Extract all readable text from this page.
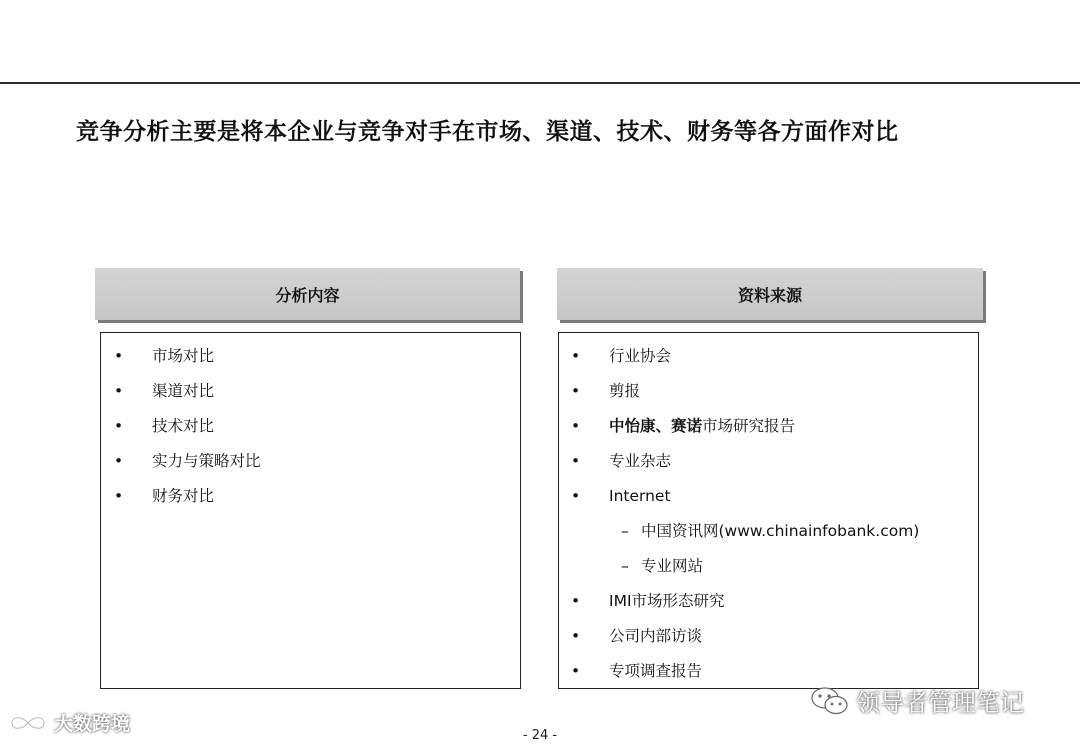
竞争分析主要是将本企业与竞争对手在市场、渠道、技术、财务等各方面作对比
分析内容
•	市场对比
•	渠道对比
•	技术对比
•	实力与策略对比
•	财务对比
资料来源
•	行业协会
•	剪报
•	中怡康、赛诺市场研究报告
•	专业杂志
•	Internet
– 中国资讯网(www.chinainfobank.com)
– 专业网站
•	IMI市场形态研究
•	公司内部访谈
•	专项调查报告
大数跨境
领导者管理笔记
- 24 -
